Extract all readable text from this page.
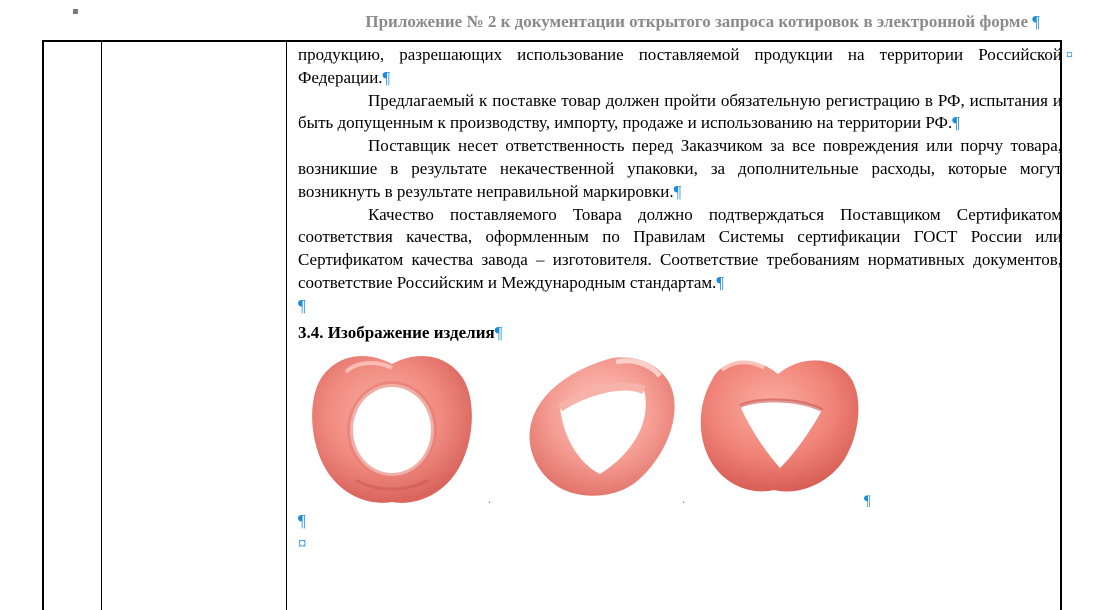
Приложение № 2 к документации открытого запроса котировок в электронной форме ¶

продукцию, разрешающих использование поставляемой продукции на территории Российской Федерации.¶

Предлагаемый к поставке товар должен пройти обязательную регистрацию в РФ, испытания и быть допущенным к производству, импорту, продаже и использованию на территории РФ.¶

Поставщик несет ответственность перед Заказчиком за все повреждения или порчу товара, возникшие в результате некачественной упаковки, за дополнительные расходы, которые могут возникнуть в результате неправильной маркировки.¶

Качество поставляемого Товара должно подтверждаться Поставщиком Сертификатом соответствия качества, оформленным по Правилам Системы сертификации ГОСТ России или Сертификатом качества завода – изготовителя. Соответствие требованиям нормативных документов, соответствие Российским и Международным стандартам.¶

¶

3.4. Изображение изделия¶

.	.	¶

¶

¤

¤
